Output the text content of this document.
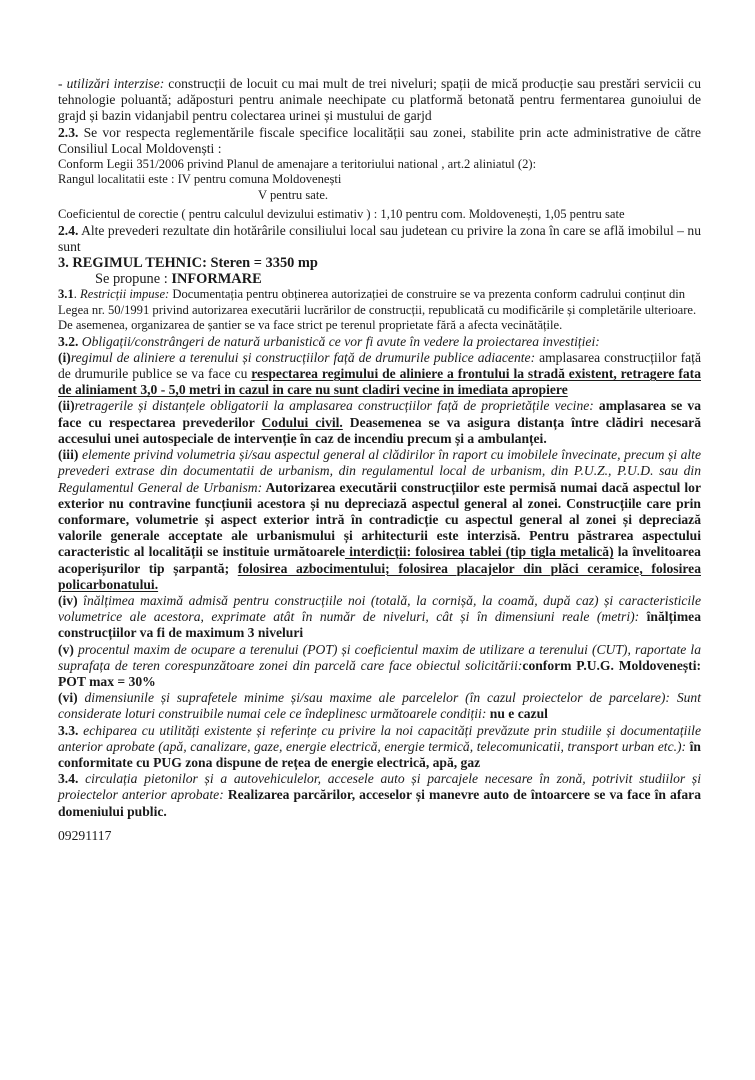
- utilizări interzise: construcții de locuit cu mai mult de trei niveluri; spații de mică producție sau prestări servicii cu tehnologie poluantă; adăposturi pentru animale neechipate cu platformă betonată pentru fermentarea gunoiului de grajd și bazin vidanjabil pentru colectarea urinei și mustului de garjd

2.3. Se vor respecta reglementările fiscale specifice localității sau zonei, stabilite prin acte administrative de către Consiliul Local Moldovenști :

Conform Legii 351/2006 privind Planul de amenajare a teritoriului national , art.2 aliniatul (2):

Rangul localitatii este : IV pentru comuna Moldovenești

V pentru sate.

Coeficientul de corectie ( pentru calculul devizului estimativ ) : 1,10 pentru com. Moldovenești, 1,05 pentru sate

2.4. Alte prevederi rezultate din hotărârile consiliului local sau judetean cu privire la zona în care se află imobilul – nu sunt

3. REGIMUL TEHNIC: Steren = 3350 mp

Se propune : INFORMARE

3.1. Restricții impuse: Documentația pentru obținerea autorizației de construire se va prezenta conform cadrului conținut din Legea nr. 50/1991 privind autorizarea executării lucrărilor de construcții, republicată cu modificările și completările ulterioare. De asemenea, organizarea de șantier se va face strict pe terenul proprietate fără a afecta vecinătățile.

3.2. Obligații/constrângeri de natură urbanistică ce vor fi avute în vedere la proiectarea investiției:

(i)regimul de aliniere a terenului și construcțiilor față de drumurile publice adiacente: amplasarea construcțiilor față de drumurile publice se va face cu respectarea regimului de aliniere a frontului la stradă existent, retragere fata de aliniament 3,0 - 5,0 metri in cazul in care nu sunt cladiri vecine in imediata apropiere

(ii)retragerile și distanțele obligatorii la amplasarea construcțiilor față de proprietățile vecine: amplasarea se va face cu respectarea prevederilor Codului civil. Deasemenea se va asigura distanța între clădiri necesară accesului unei autospeciale de intervenție în caz de incendiu precum și a ambulanței.

(iii) elemente privind volumetria și/sau aspectul general al clădirilor în raport cu imobilele învecinate, precum și alte prevederi extrase din documentatii de urbanism, din regulamentul local de urbanism, din P.U.Z., P.U.D. sau din Regulamentul General de Urbanism: Autorizarea executării construcțiilor este permisă numai dacă aspectul lor exterior nu contravine funcțiunii acestora și nu depreciază aspectul general al zonei. Construcțiile care prin conformare, volumetrie și aspect exterior intră în contradicție cu aspectul general al zonei și depreciază valorile generale acceptate ale urbanismului și arhitecturii este interzisă. Pentru păstrarea aspectului caracteristic al localității se instituie următoarele interdicții: folosirea tablei (tip tigla metalică) la învelitoarea acoperișurilor tip șarpantă; folosirea azbocimentului; folosirea placajelor din plăci ceramice, folosirea policarbonatului.

(iv) înălțimea maximă admisă pentru construcțiile noi (totală, la cornișă, la coamă, după caz) și caracteristicile volumetrice ale acestora, exprimate atât în număr de niveluri, cât și în dimensiuni reale (metri): înălțimea construcțiilor va fi de maximum 3 niveluri

(v) procentul maxim de ocupare a terenului (POT) și coeficientul maxim de utilizare a terenului (CUT), raportate la suprafața de teren corespunzătoare zonei din parcelă care face obiectul solicitării:conform P.U.G. Moldovenești: POT max = 30%

(vi) dimensiunile și suprafetele minime și/sau maxime ale parcelelor (în cazul proiectelor de parcelare): Sunt considerate loturi construibile numai cele ce îndeplinesc următoarele condiții: nu e cazul

3.3. echiparea cu utilități existente și referințe cu privire la noi capacități prevăzute prin studiile și documentațiile anterior aprobate (apă, canalizare, gaze, energie electrică, energie termică, telecomunicatii, transport urban etc.): în conformitate cu PUG zona dispune de rețea de energie electrică, apă, gaz

3.4. circulația pietonilor și a autovehiculelor, accesele auto și parcajele necesare în zonă, potrivit studiilor și proiectelor anterior aprobate: Realizarea parcărilor, acceselor și manevre auto de întoarcere se va face în afara domeniului public.

09291117
